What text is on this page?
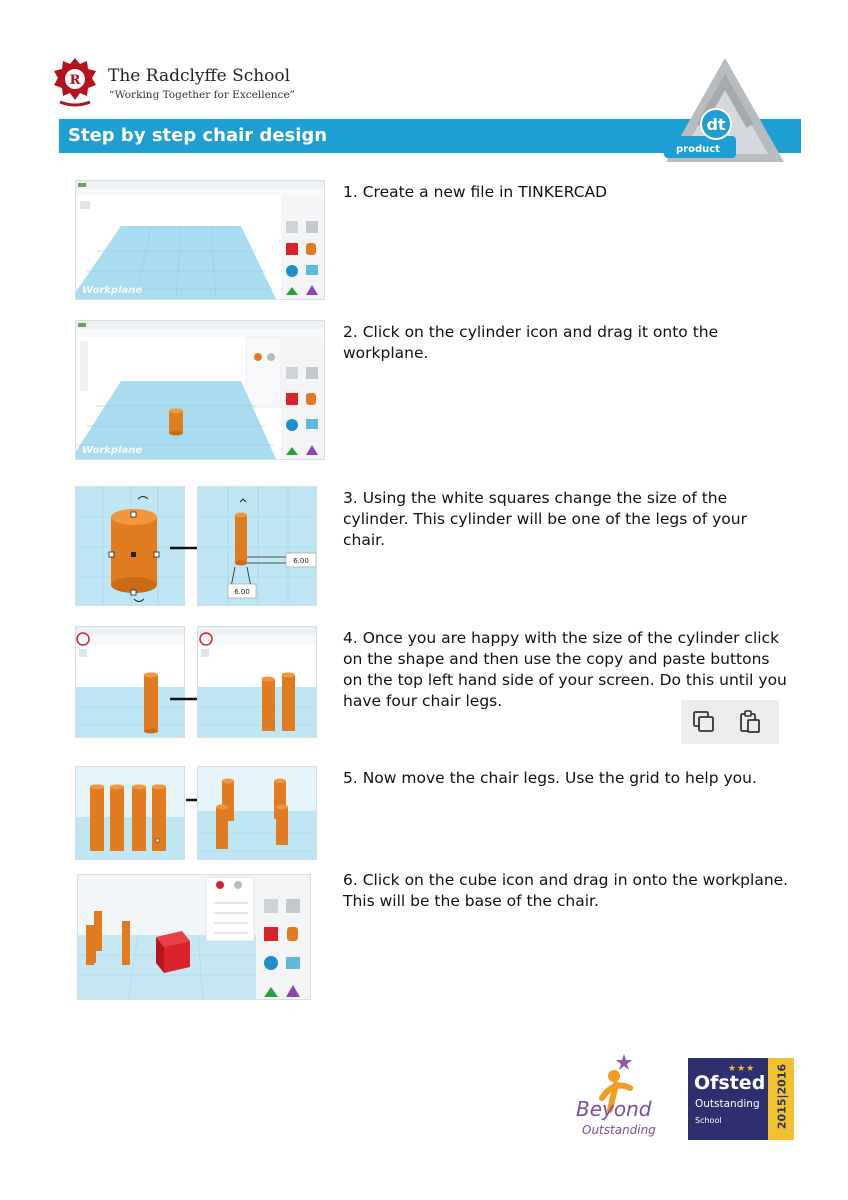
R The Radclyffe School
“Working Together for Excellence”
Step by step chair design
product
dt
Workplane
1. Create a new file in TINKERCAD
Workplane
2. Click on the cylinder icon and drag it onto the workplane.
6.00
6.00
3. Using the white squares change the size of the cylinder. This cylinder will be one of the legs of your chair.
4. Once you are happy with the size of the cylinder click on the shape and then use the copy and paste buttons on the top left hand side of your screen. Do this until you have four chair legs.
5. Now move the chair legs. Use the grid to help you.
6. Click on the cube icon and drag in onto the workplane. This will be the base of the chair.
Beyond
Outstanding
★★★
Ofsted
Outstanding
School	2015|2016
